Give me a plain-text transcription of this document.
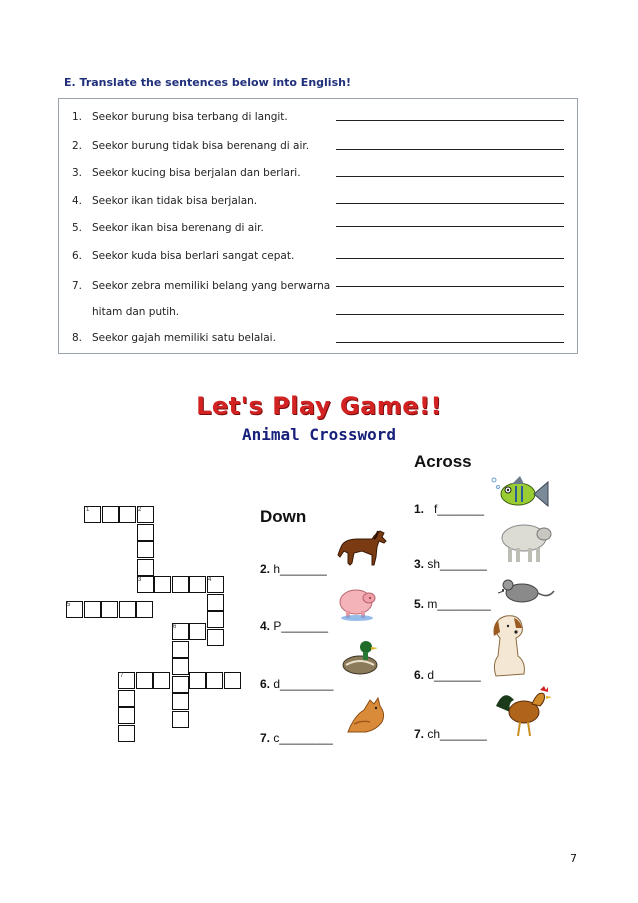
E. Translate the sentences below into English!
1. Seekor burung bisa terbang di langit.
2. Seekor burung tidak bisa berenang di air.
3. Seekor kucing bisa berjalan dan berlari.
4. Seekor ikan tidak bisa berjalan.
5. Seekor ikan bisa berenang di air.
6. Seekor kuda bisa berlari sangat cepat.
7. Seekor zebra memiliki belang yang berwarna
hitam dan putih.
8. Seekor gajah memiliki satu belalai.
Let's Play Game!!
Animal Crossword
1	2
3	4
5
6
7
Down
2. h_______
4. P_______
6. d________
7. c________
Across
1. f_______
3. sh_______
5. m________
6. d_______
7. ch_______
7
